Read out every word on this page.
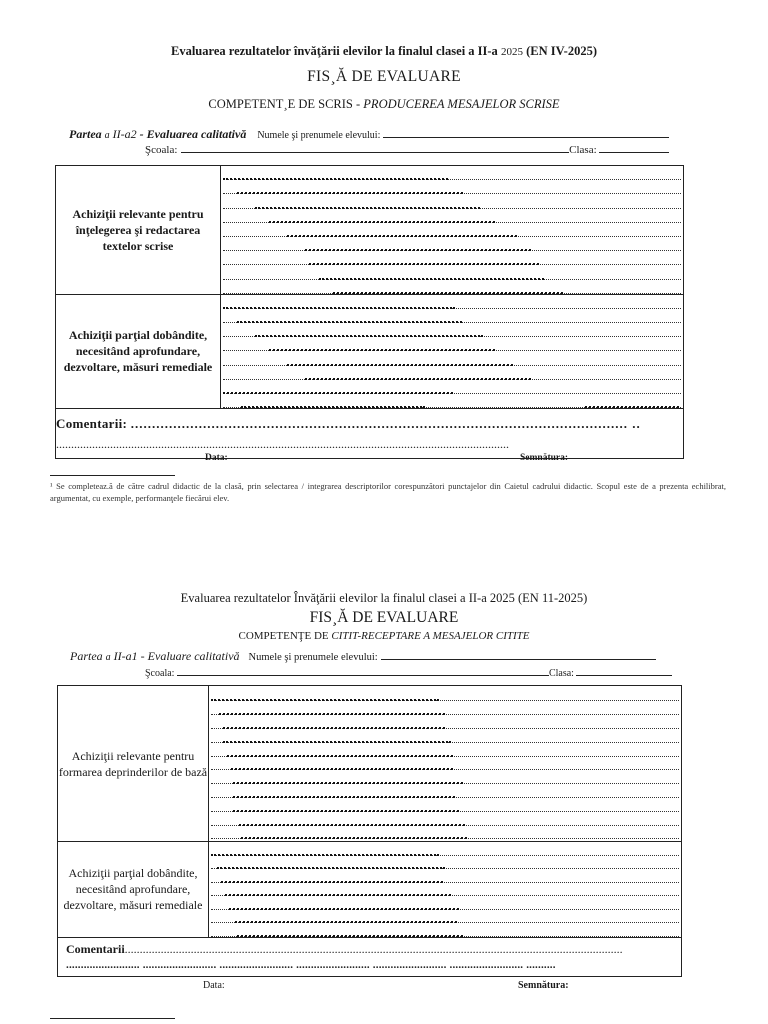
Evaluarea rezultatelor învăţării elevilor la finalul clasei a II-a 2025 (EN IV-2025)
FIS¸Ă DE EVALUARE
COMPETENT¸E DE SCRIS - PRODUCEREA MESAJELOR SCRISE
Partea a II-a2 - Evaluarea calitativă Numele şi prenumele elevului:
Şcoala:	Clasa:
Achiziţii relevante pentru înţelegerea şi redactarea textelor scrise	

Achiziţii parţial dobândite, necesitând aprofundare, dezvoltare, măsuri remediale	

Comentarii: ..................................................................................................................... ..
.......................................................................................................................................................	
Data:	Semnătura:
¹ Se completeaz.ă de către cadrul didactic de la clasă, prin selectarea / integrarea descriptorilor corespunzători punctajelor din Caietul cadrului didactic. Scopul este de a prezenta echilibrat, argumentat, cu exemple, performanţele fiecărui elev.
Evaluarea rezultatelor Învăţării elevilor la finalul clasei a II-a 2025 (EN 11-2025)
FIS¸Ă DE EVALUARE
COMPETENŢE DE CITIT-RECEPTARE A MESAJELOR CITITE
Partea a II-a1 - Evaluare calitativă Numele şi prenumele elevului:
Şcoala:	Clasa:
Achiziţii relevante pentru formarea deprinderilor de bază	

Achiziţii parţial dobândite, necesitând aprofundare, dezvoltare, măsuri remediale	

Comentarii......................................................................................................................................................................
......................... ......................... ......................... ......................... ......................... ......................... ..........	
Data:	Semnătura:
